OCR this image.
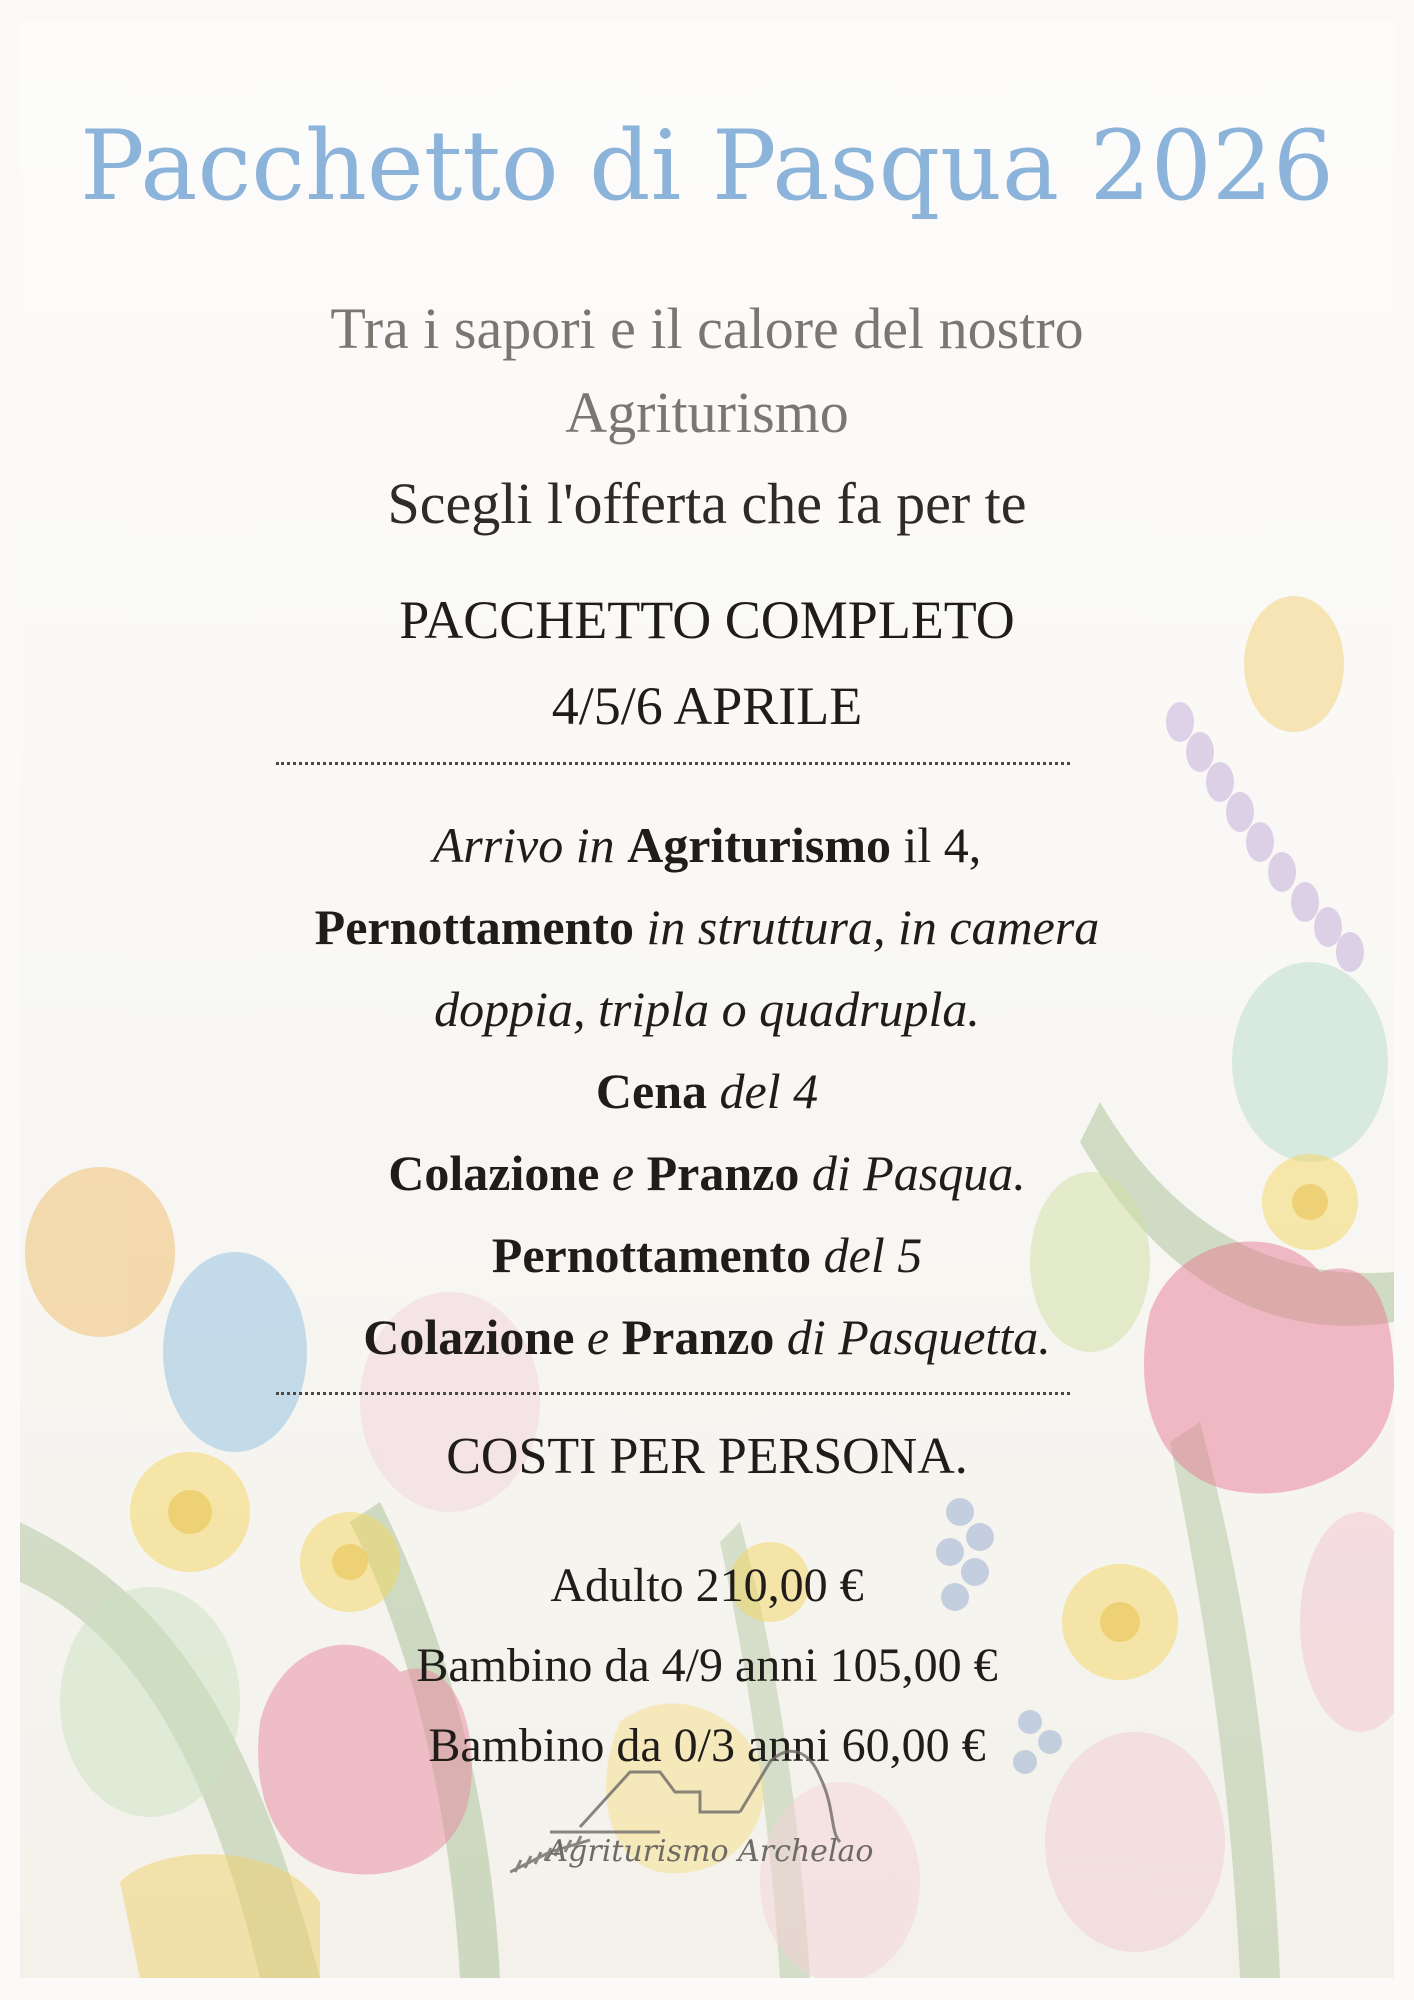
Pacchetto di Pasqua 2026
Tra i sapori e il calore del nostro
Agriturismo
Scegli l'offerta che fa per te
PACCHETTO COMPLETO
4/5/6 APRILE
Arrivo in Agriturismo il 4,
Pernottamento in struttura, in camera
doppia, tripla o quadrupla.
Cena del 4
Colazione e Pranzo di Pasqua.
Pernottamento del 5
Colazione e Pranzo di Pasquetta.
COSTI PER PERSONA.
Adulto 210,00 €
Bambino da 4/9 anni 105,00 €
Bambino da 0/3 anni 60,00 €
Agriturismo Archelao
